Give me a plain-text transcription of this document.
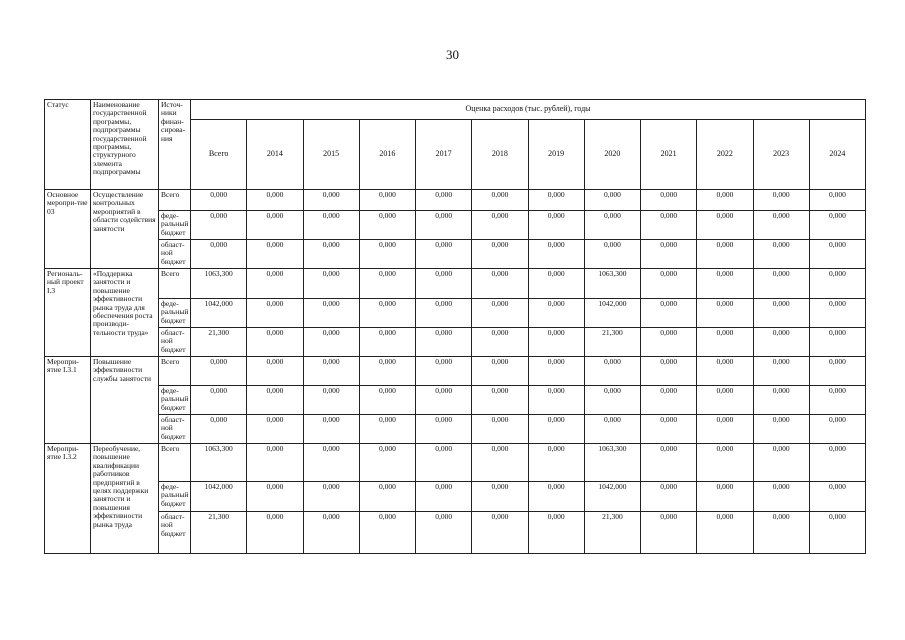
30
Статус	Наименование государственной программы, подпрограммы государственной программы, структурного элемента подпрограммы	Источ-ники финан-сирова-ния	Оценка расходов (тыс. рублей), годы											
			Всего	2014	2015	2016	2017	2018	2019	2020	2021	2022	2023	2024
Основное меропри-тие 03	Осуществление контрольных мероприятий в области содействия занятости	Всего	0,000	0,000	0,000	0,000	0,000	0,000	0,000	0,000	0,000	0,000	0,000	0,000
		феде-ральный бюджет	0,000	0,000	0,000	0,000	0,000	0,000	0,000	0,000	0,000	0,000	0,000	0,000
		област-ной бюджет	0,000	0,000	0,000	0,000	0,000	0,000	0,000	0,000	0,000	0,000	0,000	0,000
Региональ-ный проект I.3	«Поддержка занятости и повышение эффективности рынка труда для обеспечения роста производи-тельности труда»	Всего	1063,300	0,000	0,000	0,000	0,000	0,000	0,000	1063,300	0,000	0,000	0,000	0,000
		феде-ральный бюджет	1042,000	0,000	0,000	0,000	0,000	0,000	0,000	1042,000	0,000	0,000	0,000	0,000
		област-ной бюджет	21,300	0,000	0,000	0,000	0,000	0,000	0,000	21,300	0,000	0,000	0,000	0,000
Меропри-ятие I.3.1	Повышение эффективности службы занятости	Всего	0,000	0,000	0,000	0,000	0,000	0,000	0,000	0,000	0,000	0,000	0,000	0,000
		феде-ральный бюджет	0,000	0,000	0,000	0,000	0,000	0,000	0,000	0,000	0,000	0,000	0,000	0,000
		област-ной бюджет	0,000	0,000	0,000	0,000	0,000	0,000	0,000	0,000	0,000	0,000	0,000	0,000
Меропри-ятие I.3.2	Переобучение, повышение квалификации работников предприятий в целях поддержки занятости и повышения эффективности рынка труда	Всего	1063,300	0,000	0,000	0,000	0,000	0,000	0,000	1063,300	0,000	0,000	0,000	0,000
		феде-ральный бюджет	1042,000	0,000	0,000	0,000	0,000	0,000	0,000	1042,000	0,000	0,000	0,000	0,000
		област-ной бюджет	21,300	0,000	0,000	0,000	0,000	0,000	0,000	21,300	0,000	0,000	0,000	0,000
